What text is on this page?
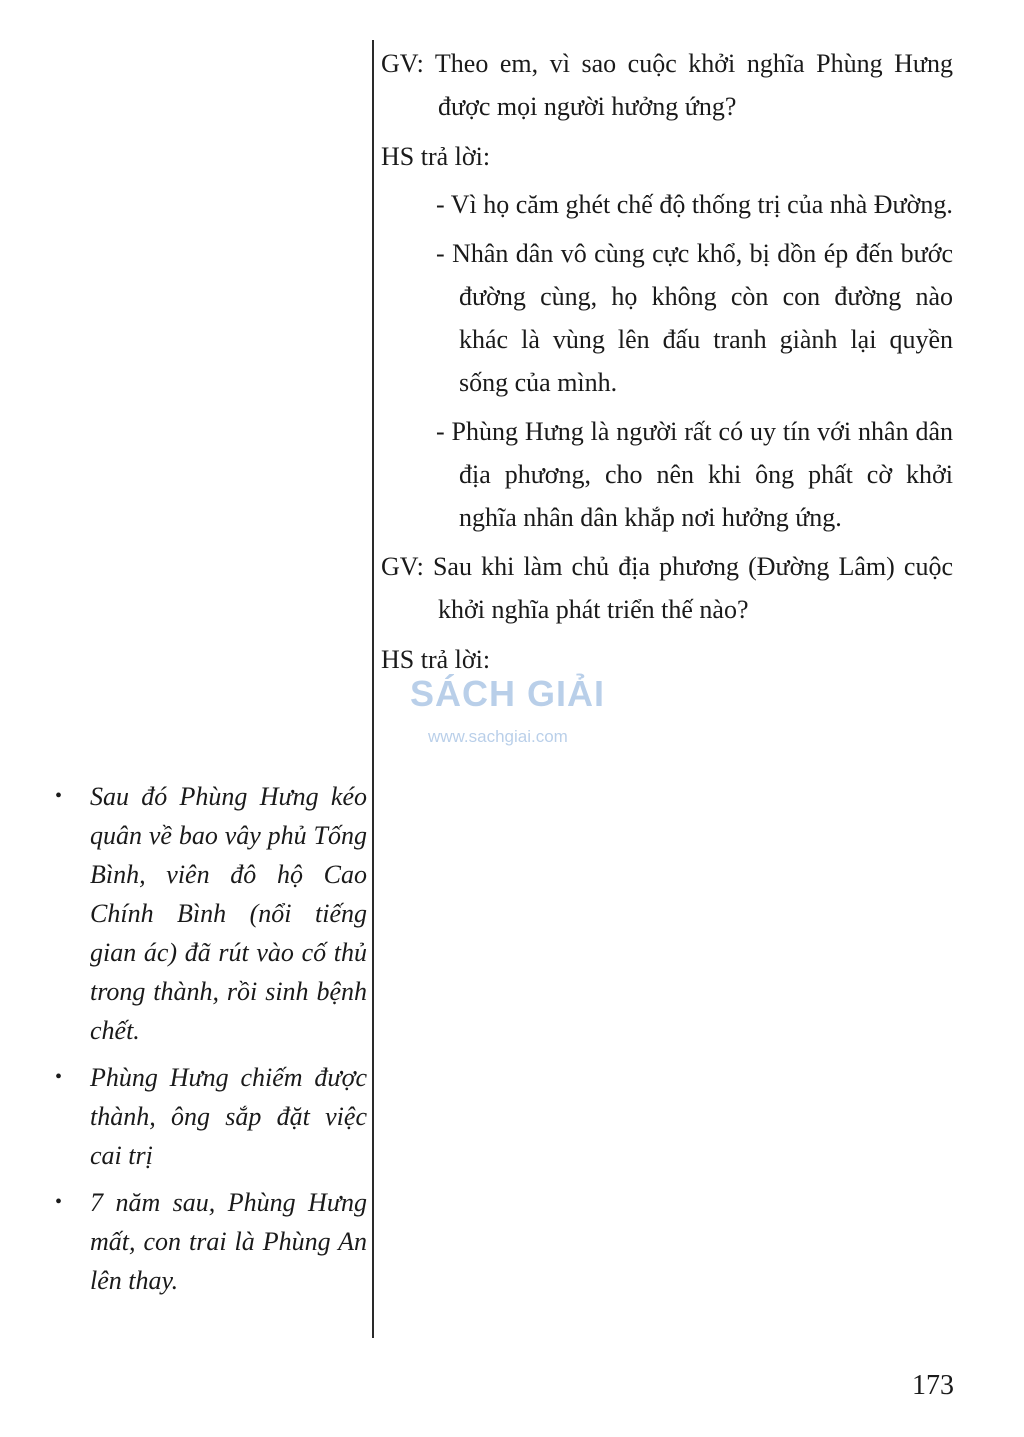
GV: Theo em, vì sao cuộc khởi nghĩa Phùng Hưng được mọi người hưởng ứng?

HS trả lời:

- Vì họ căm ghét chế độ thống trị của nhà Đường.

- Nhân dân vô cùng cực khổ, bị dồn ép đến bước đường cùng, họ không còn con đường nào khác là vùng lên đấu tranh giành lại quyền sống của mình.

- Phùng Hưng là người rất có uy tín với nhân dân địa phương, cho nên khi ông phất cờ khởi nghĩa nhân dân khắp nơi hưởng ứng.

GV: Sau khi làm chủ địa phương (Đường Lâm) cuộc khởi nghĩa phát triển thế nào?

HS trả lời:

• Sau đó Phùng Hưng kéo quân về bao vây phủ Tống Bình, viên đô hộ Cao Chính Bình (nổi tiếng gian ác) đã rút vào cố thủ trong thành, rồi sinh bệnh chết.
• Phùng Hưng chiếm được thành, ông sắp đặt việc cai trị
• 7 năm sau, Phùng Hưng mất, con trai là Phùng An lên thay.
SÁCH GIẢI
www.sachgiai.com
173
